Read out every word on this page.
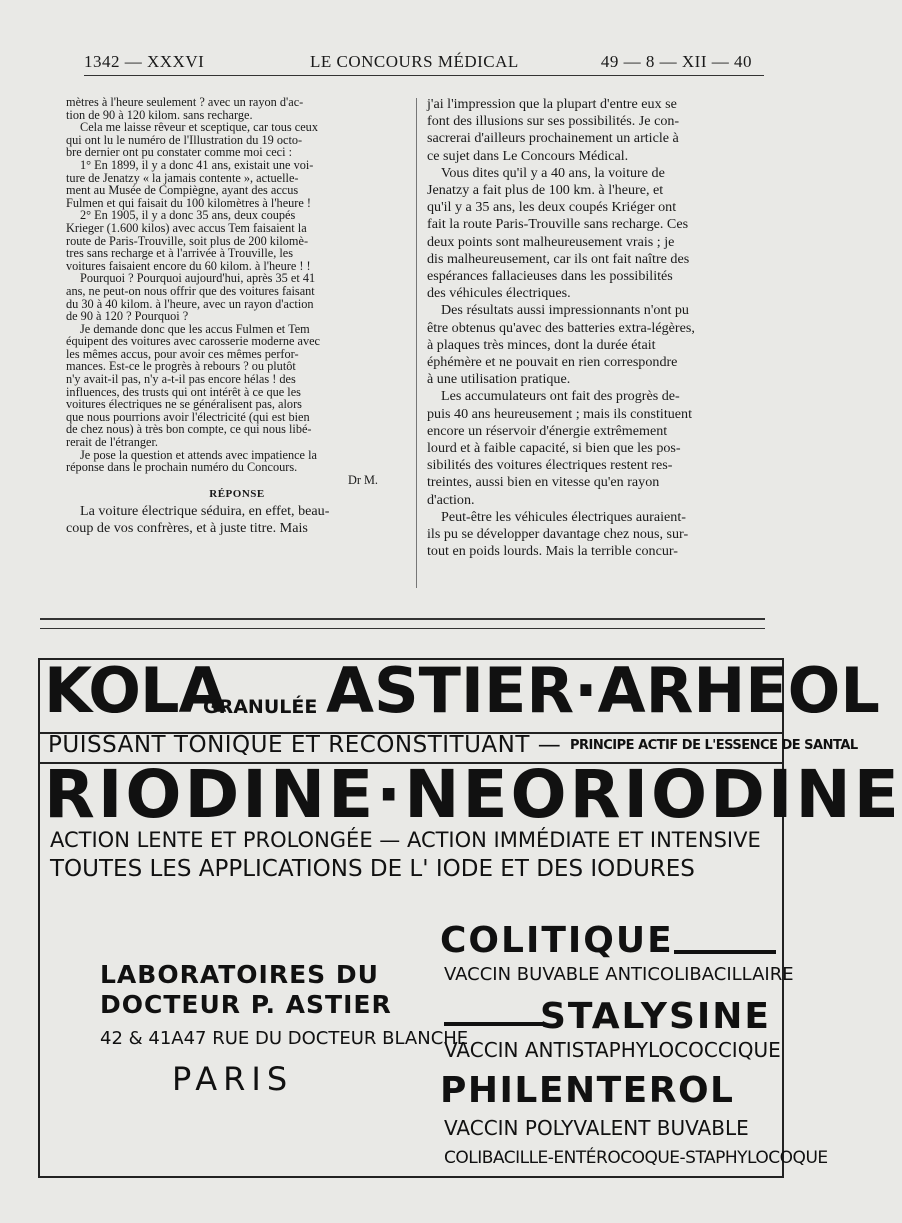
1342 — XXXVI	LE CONCOURS MÉDICAL	49 — 8 — XII — 40
mètres à l'heure seulement ? avec un rayon d'ac-
tion de 90 à 120 kilom. sans recharge.
Cela me laisse rêveur et sceptique, car tous ceux
qui ont lu le numéro de l'Illustration du 19 octo-
bre dernier ont pu constater comme moi ceci :
1° En 1899, il y a donc 41 ans, existait une voi-
ture de Jenatzy « la jamais contente », actuelle-
ment au Musée de Compiègne, ayant des accus
Fulmen et qui faisait du 100 kilomètres à l'heure !
2° En 1905, il y a donc 35 ans, deux coupés
Krieger (1.600 kilos) avec accus Tem faisaient la
route de Paris-Trouville, soit plus de 200 kilomè-
tres sans recharge et à l'arrivée à Trouville, les
voitures faisaient encore du 60 kilom. à l'heure ! !
Pourquoi ? Pourquoi aujourd'hui, après 35 et 41
ans, ne peut-on nous offrir que des voitures faisant
du 30 à 40 kilom. à l'heure, avec un rayon d'action
de 90 à 120 ? Pourquoi ?
Je demande donc que les accus Fulmen et Tem
équipent des voitures avec carosserie moderne avec
les mêmes accus, pour avoir ces mêmes perfor-
mances. Est-ce le progrès à rebours ? ou plutôt
n'y avait-il pas, n'y a-t-il pas encore hélas ! des
influences, des trusts qui ont intérêt à ce que les
voitures électriques ne se généralisent pas, alors
que nous pourrions avoir l'électricité (qui est bien
de chez nous) à très bon compte, ce qui nous libé-
rerait de l'étranger.
Je pose la question et attends avec impatience la
réponse dans le prochain numéro du Concours.
Dr M.
RÉPONSE
La voiture électrique séduira, en effet, beau-
coup de vos confrères, et à juste titre. Mais
j'ai l'impression que la plupart d'entre eux se
font des illusions sur ses possibilités. Je con-
sacrerai d'ailleurs prochainement un article à
ce sujet dans Le Concours Médical.
Vous dites qu'il y a 40 ans, la voiture de
Jenatzy a fait plus de 100 km. à l'heure, et
qu'il y a 35 ans, les deux coupés Kriéger ont
fait la route Paris-Trouville sans recharge. Ces
deux points sont malheureusement vrais ; je
dis malheureusement, car ils ont fait naître des
espérances fallacieuses dans les possibilités
des véhicules électriques.
Des résultats aussi impressionnants n'ont pu
être obtenus qu'avec des batteries extra-légères,
à plaques très minces, dont la durée était
éphémère et ne pouvait en rien correspondre
à une utilisation pratique.
Les accumulateurs ont fait des progrès de-
puis 40 ans heureusement ; mais ils constituent
encore un réservoir d'énergie extrêmement
lourd et à faible capacité, si bien que les pos-
sibilités des voitures électriques restent res-
treintes, aussi bien en vitesse qu'en rayon
d'action.
Peut-être les véhicules électriques auraient-
ils pu se développer davantage chez nous, sur-
tout en poids lourds. Mais la terrible concur-
KOLA
GRANULÉE ASTIER·ARHEOL
PUISSANT TONIQUE ET RECONSTITUANT — PRINCIPE ACTIF DE L'ESSENCE DE SANTAL
RIODINE·NEORIODINE
ACTION LENTE ET PROLONGÉE — ACTION IMMÉDIATE ET INTENSIVE
TOUTES LES APPLICATIONS DE L' IODE ET DES IODURES
LABORATOIRES DU
DOCTEUR P. ASTIER
42 & 41A47 RUE DU DOCTEUR BLANCHE
PARIS
COLITIQUE
VACCIN BUVABLE ANTICOLIBACILLAIRE
STALYSINE
VACCIN ANTISTAPHYLOCOCCIQUE
PHILENTEROL
VACCIN POLYVALENT BUVABLE
COLIBACILLE-ENTÉROCOQUE-STAPHYLOCOQUE
